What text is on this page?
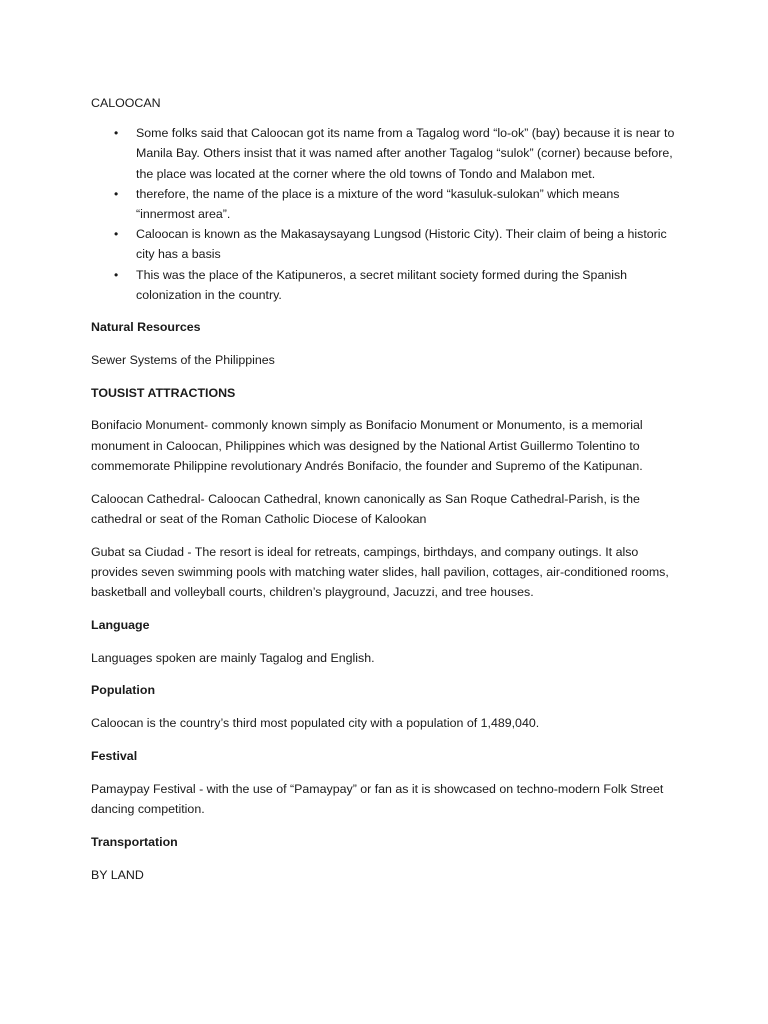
CALOOCAN

• Some folks said that Caloocan got its name from a Tagalog word “lo-ok” (bay) because it is near to Manila Bay. Others insist that it was named after another Tagalog “sulok” (corner) because before, the place was located at the corner where the old towns of Tondo and Malabon met.
• therefore, the name of the place is a mixture of the word “kasuluk-sulokan” which means “innermost area”.
• Caloocan is known as the Makasaysayang Lungsod (Historic City). Their claim of being a historic city has a basis
• This was the place of the Katipuneros, a secret militant society formed during the Spanish colonization in the country.

Natural Resources

Sewer Systems of the Philippines

TOUSIST ATTRACTIONS

Bonifacio Monument- commonly known simply as Bonifacio Monument or Monumento, is a memorial monument in Caloocan, Philippines which was designed by the National Artist Guillermo Tolentino to commemorate Philippine revolutionary Andrés Bonifacio, the founder and Supremo of the Katipunan.

Caloocan Cathedral- Caloocan Cathedral, known canonically as San Roque Cathedral-Parish, is the cathedral or seat of the Roman Catholic Diocese of Kalookan

Gubat sa Ciudad - The resort is ideal for retreats, campings, birthdays, and company outings. It also provides seven swimming pools with matching water slides, hall pavilion, cottages, air-conditioned rooms, basketball and volleyball courts, children’s playground, Jacuzzi, and tree houses.

Language

Languages spoken are mainly Tagalog and English.

Population

Caloocan is the country’s third most populated city with a population of 1,489,040.

Festival

Pamaypay Festival - with the use of “Pamaypay” or fan as it is showcased on techno-modern Folk Street dancing competition.

Transportation

BY LAND
